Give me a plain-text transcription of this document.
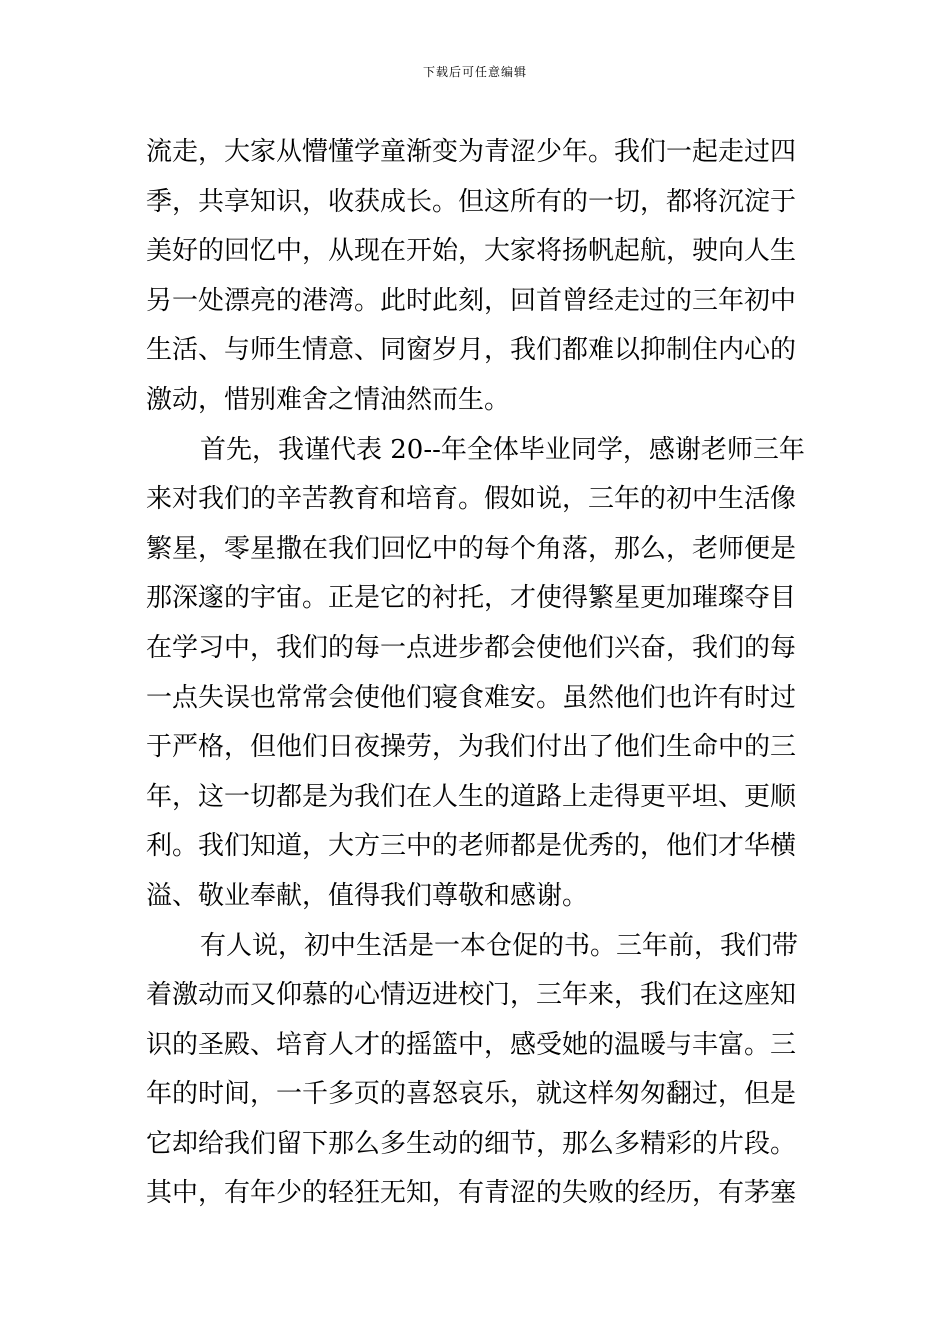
下载后可任意编辑
流走，大家从懵懂学童渐变为青涩少年。我们一起走过四
季，共享知识，收获成长。但这所有的一切，都将沉淀于
美好的回忆中，从现在开始，大家将扬帆起航，驶向人生
另一处漂亮的港湾。此时此刻，回首曾经走过的三年初中
生活、与师生情意、同窗岁月，我们都难以抑制住内心的
激动，惜别难舍之情油然而生。
首先，我谨代表 20--年全体毕业同学，感谢老师三年
来对我们的辛苦教育和培育。假如说，三年的初中生活像
繁星，零星撒在我们回忆中的每个角落，那么，老师便是
那深邃的宇宙。正是它的衬托，才使得繁星更加璀璨夺目
在学习中，我们的每一点进步都会使他们兴奋，我们的每
一点失误也常常会使他们寝食难安。虽然他们也许有时过
于严格，但他们日夜操劳，为我们付出了他们生命中的三
年，这一切都是为我们在人生的道路上走得更平坦、更顺
利。我们知道，大方三中的老师都是优秀的，他们才华横
溢、敬业奉献，值得我们尊敬和感谢。
有人说，初中生活是一本仓促的书。三年前，我们带
着激动而又仰慕的心情迈进校门，三年来，我们在这座知
识的圣殿、培育人才的摇篮中，感受她的温暖与丰富。三
年的时间，一千多页的喜怒哀乐，就这样匆匆翻过，但是
它却给我们留下那么多生动的细节，那么多精彩的片段。
其中，有年少的轻狂无知，有青涩的失败的经历，有茅塞
